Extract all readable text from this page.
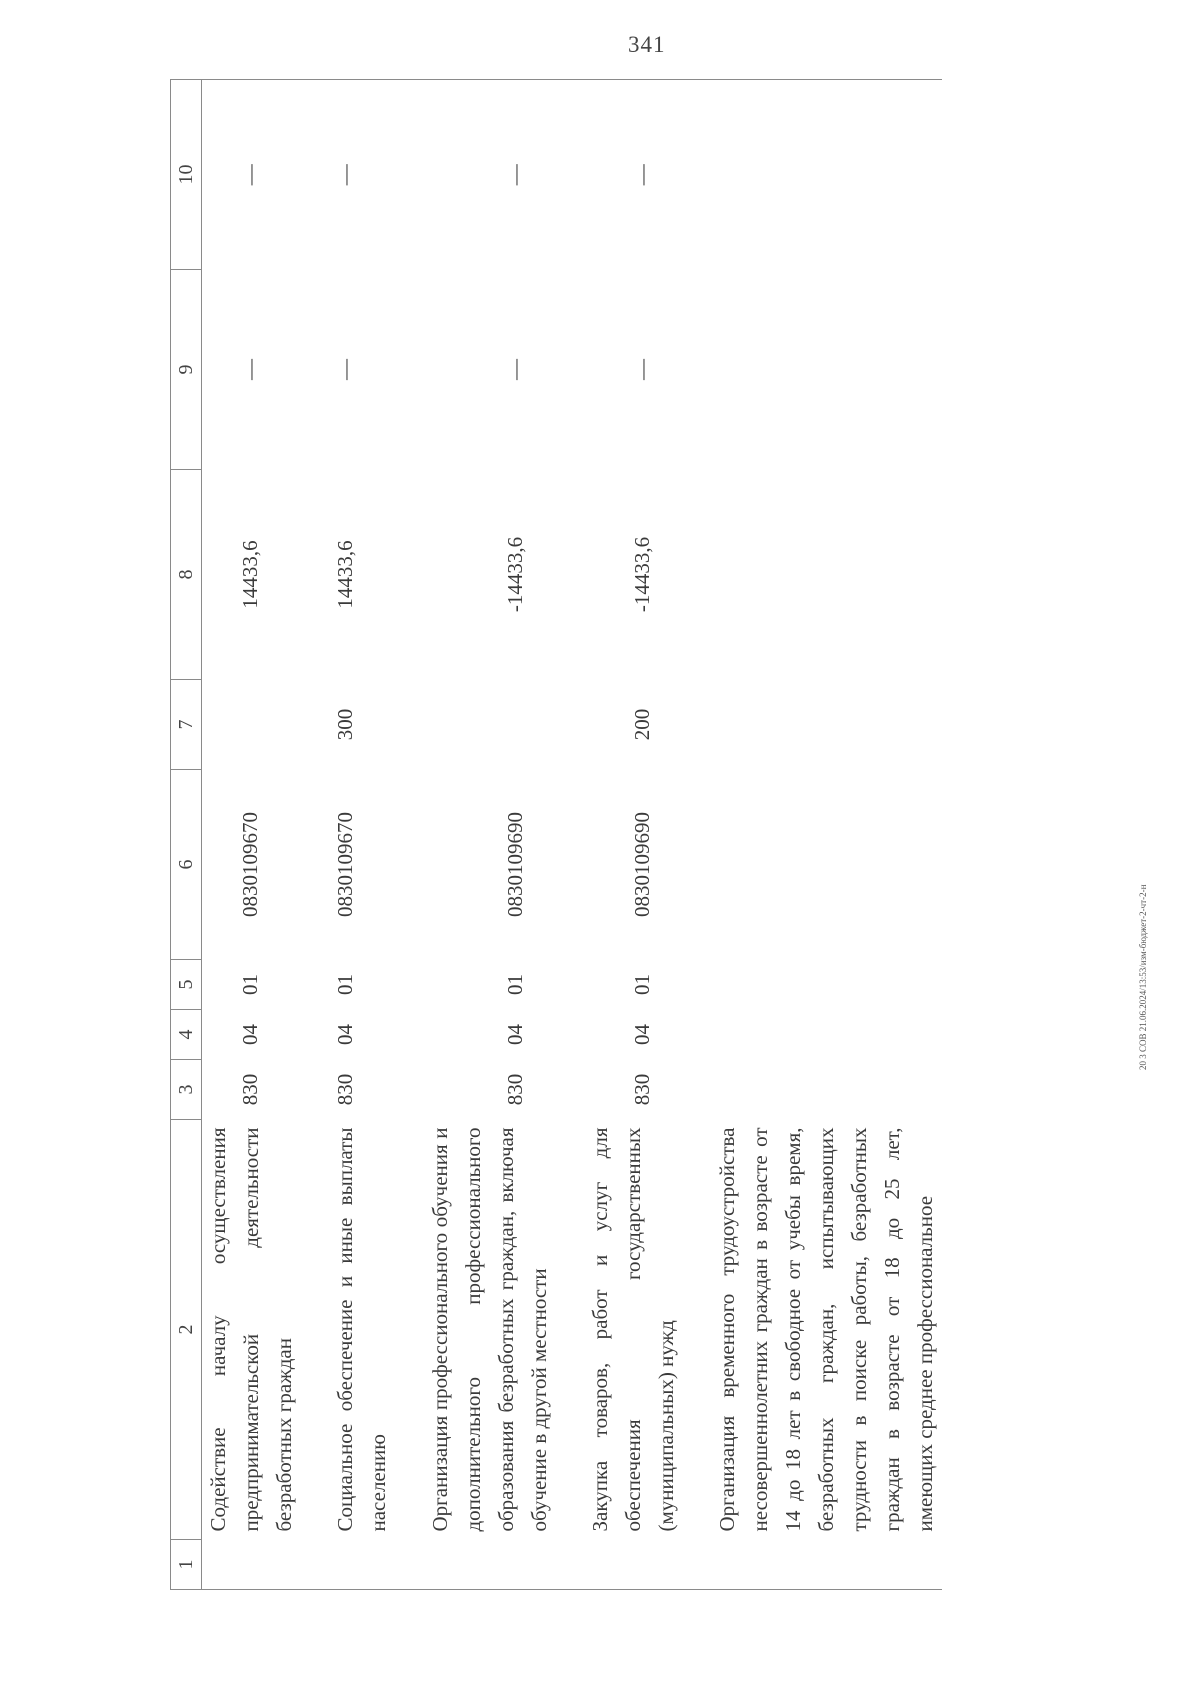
341
1	2	3	4	5	6	7	8	9	10
	Содействие началу осуществления предпринимательской деятельности безработных граждан	830	04	01	0830109670		14433,6	—	—

	Социальное обеспечение и иные выплаты населению	830	04	01	0830109670	300	14433,6	—	—

	Организация профессионального обучения и дополнительного профессионального образования безработных граждан, включая обучение в другой местности	830	04	01	0830109690		-14433,6	—	—

	Закупка товаров, работ и услуг для обеспечения государственных (муниципальных) нужд	830	04	01	0830109690	200	-14433,6	—	—

	Организация временного трудоустройства несовершеннолетних граждан в возрасте от 14 до 18 лет в свободное от учебы время, безработных граждан, испытывающих трудности в поиске работы, безработных граждан в возрасте от 18 до 25 лет, имеющих среднее профессиональное								
20 3 СОВ 21.06.2024/13:53/изм-бюджет-2-чт-2-н
